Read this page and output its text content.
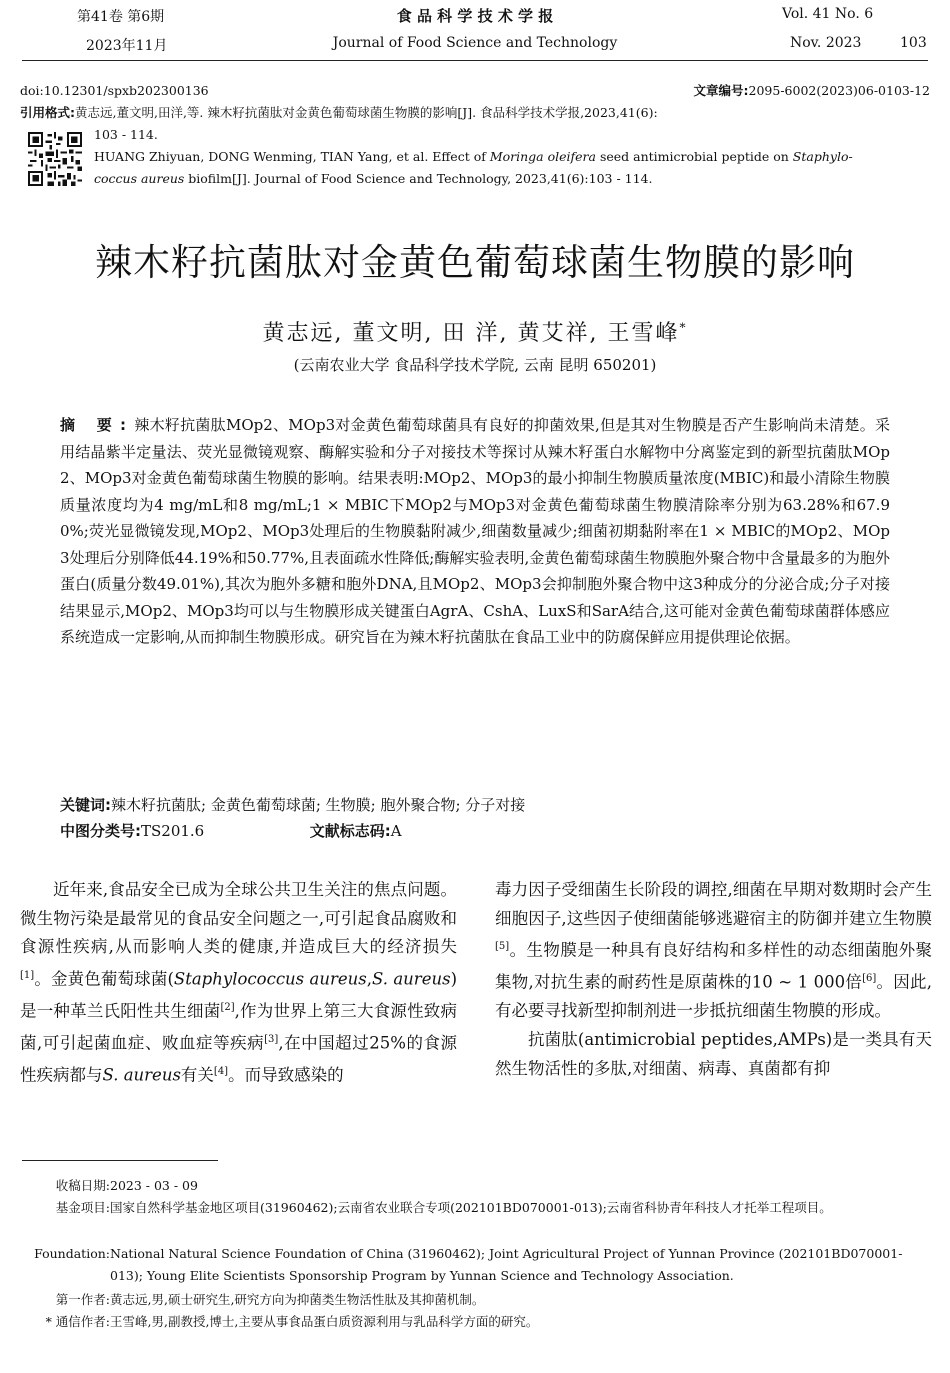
第41卷 第6期	食 品 科 学 技 术 学 报	Vol. 41 No. 6
2023年11月	Journal of Food Science and Technology	Nov. 2023	103
doi:10.12301/spxb202300136	文章编号:2095-6002(2023)06-0103-12
引用格式:黄志远,董文明,田洋,等. 辣木籽抗菌肽对金黄色葡萄球菌生物膜的影响[J]. 食品科学技术学报,2023,41(6):
103 - 114.
HUANG Zhiyuan, DONG Wenming, TIAN Yang, et al. Effect of Moringa oleifera seed antimicrobial peptide on Staphylo-
coccus aureus biofilm[J]. Journal of Food Science and Technology, 2023,41(6):103 - 114.
辣木籽抗菌肽对金黄色葡萄球菌生物膜的影响
黄志远, 董文明, 田 洋, 黄艾祥, 王雪峰*
(云南农业大学 食品科学技术学院, 云南 昆明 650201)
摘 要:辣木籽抗菌肽MOp2、MOp3对金黄色葡萄球菌具有良好的抑菌效果,但是其对生物膜是否产生影响尚未清楚。采用结晶紫半定量法、荧光显微镜观察、酶解实验和分子对接技术等探讨从辣木籽蛋白水解物中分离鉴定到的新型抗菌肽MOp2、MOp3对金黄色葡萄球菌生物膜的影响。结果表明:MOp2、MOp3的最小抑制生物膜质量浓度(MBIC)和最小清除生物膜质量浓度均为4 mg/mL和8 mg/mL;1 × MBIC下MOp2与MOp3对金黄色葡萄球菌生物膜清除率分别为63.28%和67.90%;荧光显微镜发现,MOp2、MOp3处理后的生物膜黏附减少,细菌数量减少;细菌初期黏附率在1 × MBIC的MOp2、MOp3处理后分别降低44.19%和50.77%,且表面疏水性降低;酶解实验表明,金黄色葡萄球菌生物膜胞外聚合物中含量最多的为胞外蛋白(质量分数49.01%),其次为胞外多糖和胞外DNA,且MOp2、MOp3会抑制胞外聚合物中这3种成分的分泌合成;分子对接结果显示,MOp2、MOp3均可以与生物膜形成关键蛋白AgrA、CshA、LuxS和SarA结合,这可能对金黄色葡萄球菌群体感应系统造成一定影响,从而抑制生物膜形成。研究旨在为辣木籽抗菌肽在食品工业中的防腐保鲜应用提供理论依据。
关键词:辣木籽抗菌肽; 金黄色葡萄球菌; 生物膜; 胞外聚合物; 分子对接
中图分类号:TS201.6	文献标志码:A

近年来,食品安全已成为全球公共卫生关注的焦点问题。微生物污染是最常见的食品安全问题之一,可引起食品腐败和食源性疾病,从而影响人类的健康,并造成巨大的经济损失[1]。金黄色葡萄球菌(Staphylococcus aureus,S. aureus)是一种革兰氏阳性共生细菌[2],作为世界上第三大食源性致病菌,可引起菌血症、败血症等疾病[3],在中国超过25%的食源性疾病都与S. aureus有关[4]。而导致感染的

毒力因子受细菌生长阶段的调控,细菌在早期对数期时会产生细胞因子,这些因子使细菌能够逃避宿主的防御并建立生物膜[5]。生物膜是一种具有良好结构和多样性的动态细菌胞外聚集物,对抗生素的耐药性是原菌株的10 ~ 1 000倍[6]。因此,有必要寻找新型抑制剂进一步抵抗细菌生物膜的形成。

抗菌肽(antimicrobial peptides,AMPs)是一类具有天然生物活性的多肽,对细菌、病毒、真菌都有抑

收稿日期:2023 - 03 - 09
基金项目:国家自然科学基金地区项目(31960462);云南省农业联合专项(202101BD070001-013);云南省科协青年科技人才托举工程项目。
Foundation:National Natural Science Foundation of China (31960462); Joint Agricultural Project of Yunnan Province (202101BD070001-013); Young Elite Scientists Sponsorship Program by Yunnan Science and Technology Association.
第一作者:黄志远,男,硕士研究生,研究方向为抑菌类生物活性肽及其抑菌机制。
* 通信作者:王雪峰,男,副教授,博士,主要从事食品蛋白质资源利用与乳品科学方面的研究。
